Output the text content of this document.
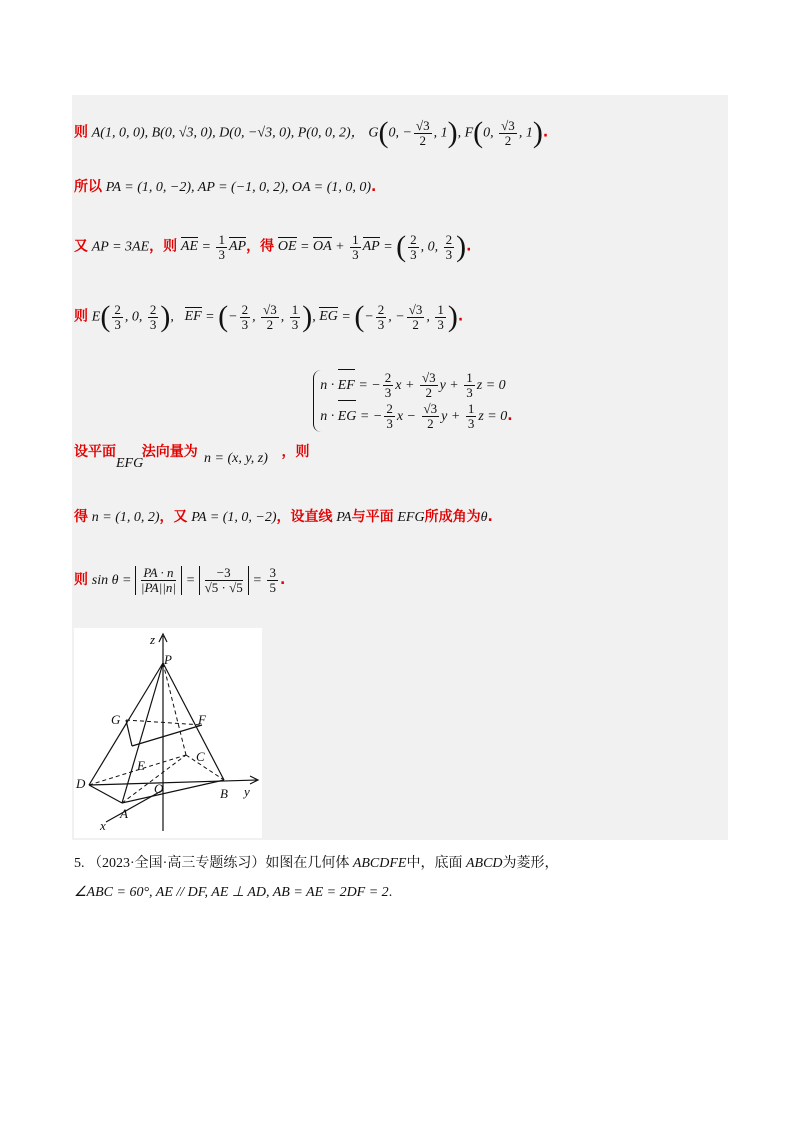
则 A(1, 0, 0), B(0, √3, 0), D(0, −√3, 0), P(0, 0, 2)， G(0, − $\frac{√3}{2}$ , 1), F(0, $\frac{√3}{2}$ , 1).
所以 PA = (1, 0, −2), AP = (−1, 0, 2), OA = (1, 0, 0).
又 AP = 3AE，则 AE = $\frac{1}{3}$ AP，得 OE = OA + $\frac{1}{3}$ AP = ( $\frac{2}{3}$ , 0, $\frac{2}{3}$ ).
则 $E( \frac{2}{3}$ , 0, $\frac{2}{3}$ ),   EF = (− $\frac{2}{3}$ , $\frac{√3}{2}$ , $\frac{1}{3}$ ), EG = (− $\frac{2}{3}$ , − $\frac{√3}{2}$ , $\frac{1}{3}$ ).
设平面 法向量为	，则
n · EF = − $\frac{2}{3}$ $x + \frac{√3}{2}$ $y + \frac{1}{3}$ z = 0
n · EG = − $\frac{2}{3}$ $x - \frac{√3}{2}$ $y + \frac{1}{3}$ z = 0.
EFG	n = (x, y, z)
得 n = (1, 0, 2)，又 PA = (1, 0, −2)，设直线 PA与平面 EFG所成角为θ.
则 $\sin \theta = \frac{PA \cdot n}{|PA||n|} = \frac{-3}{√5 \cdot √5} = \frac{3}{5}$ .
z
P
G	F
C
E
D	O	B y
A
x
5. （2023·全国·高三专题练习）如图在几何体 ABCDFE中，底面 ABCD为菱形，
∠ABC = 60°, AE // DF, AE ⊥ AD, AB = AE = 2DF = 2.
